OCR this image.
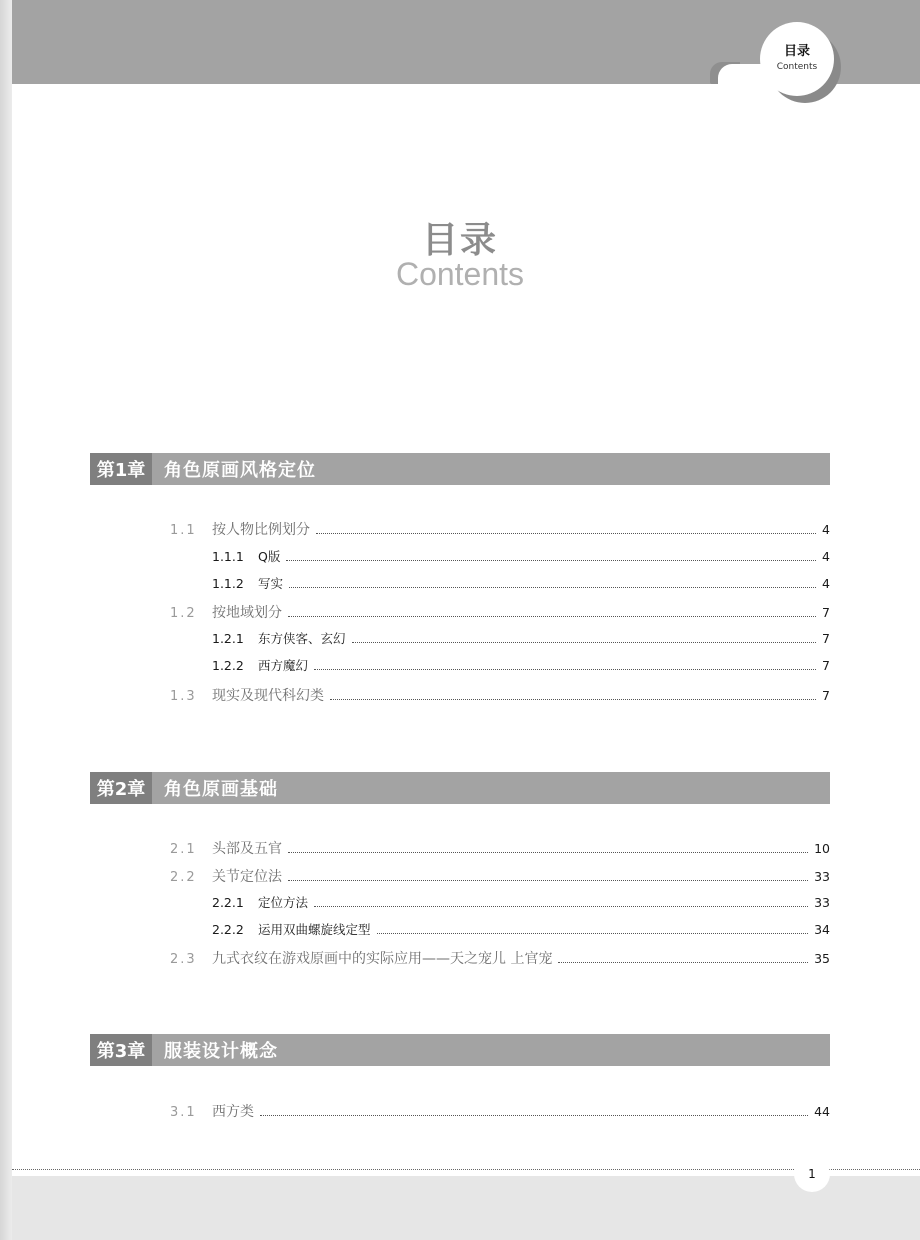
目录
Contents
目录
Contents
第1章	角色原画风格定位
1.1	按人物比例划分	4
1.1.1	Q版	4
1.1.2	写实	4
1.2	按地域划分	7
1.2.1	东方侠客、玄幻	7
1.2.2	西方魔幻	7
1.3	现实及现代科幻类	7
第2章	角色原画基础
2.1	头部及五官	10
2.2	关节定位法	33
2.2.1	定位方法	33
2.2.2	运用双曲螺旋线定型	34
2.3	九式衣纹在游戏原画中的实际应用——天之宠儿 上官宠	35
第3章	服装设计概念
3.1	西方类	44
1
